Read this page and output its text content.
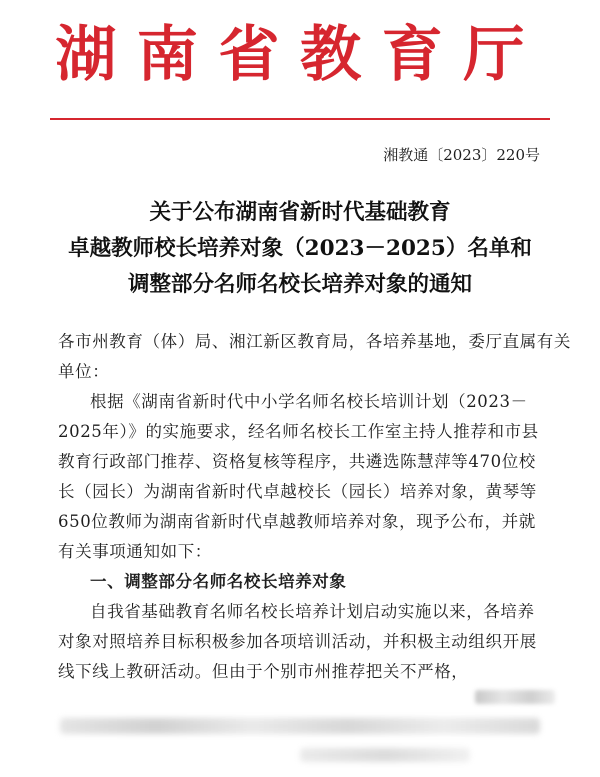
湖南省教育厅
湘教通〔2023〕220号
关于公布湖南省新时代基础教育
卓越教师校长培养对象（2023－2025）名单和
调整部分名师名校长培养对象的通知
各市州教育（体）局、湘江新区教育局，各培养基地，委厅直属有关
单位：
根据《湖南省新时代中小学名师名校长培训计划（2023－
2025年）》的实施要求，经名师名校长工作室主持人推荐和市县
教育行政部门推荐、资格复核等程序，共遴选陈慧萍等470位校
长（园长）为湖南省新时代卓越校长（园长）培养对象，黄琴等
650位教师为湖南省新时代卓越教师培养对象，现予公布，并就
有关事项通知如下：
一、调整部分名师名校长培养对象
自我省基础教育名师名校长培养计划启动实施以来，各培养
对象对照培养目标积极参加各项培训活动，并积极主动组织开展
线下线上教研活动。但由于个别市州推荐把关不严格，
